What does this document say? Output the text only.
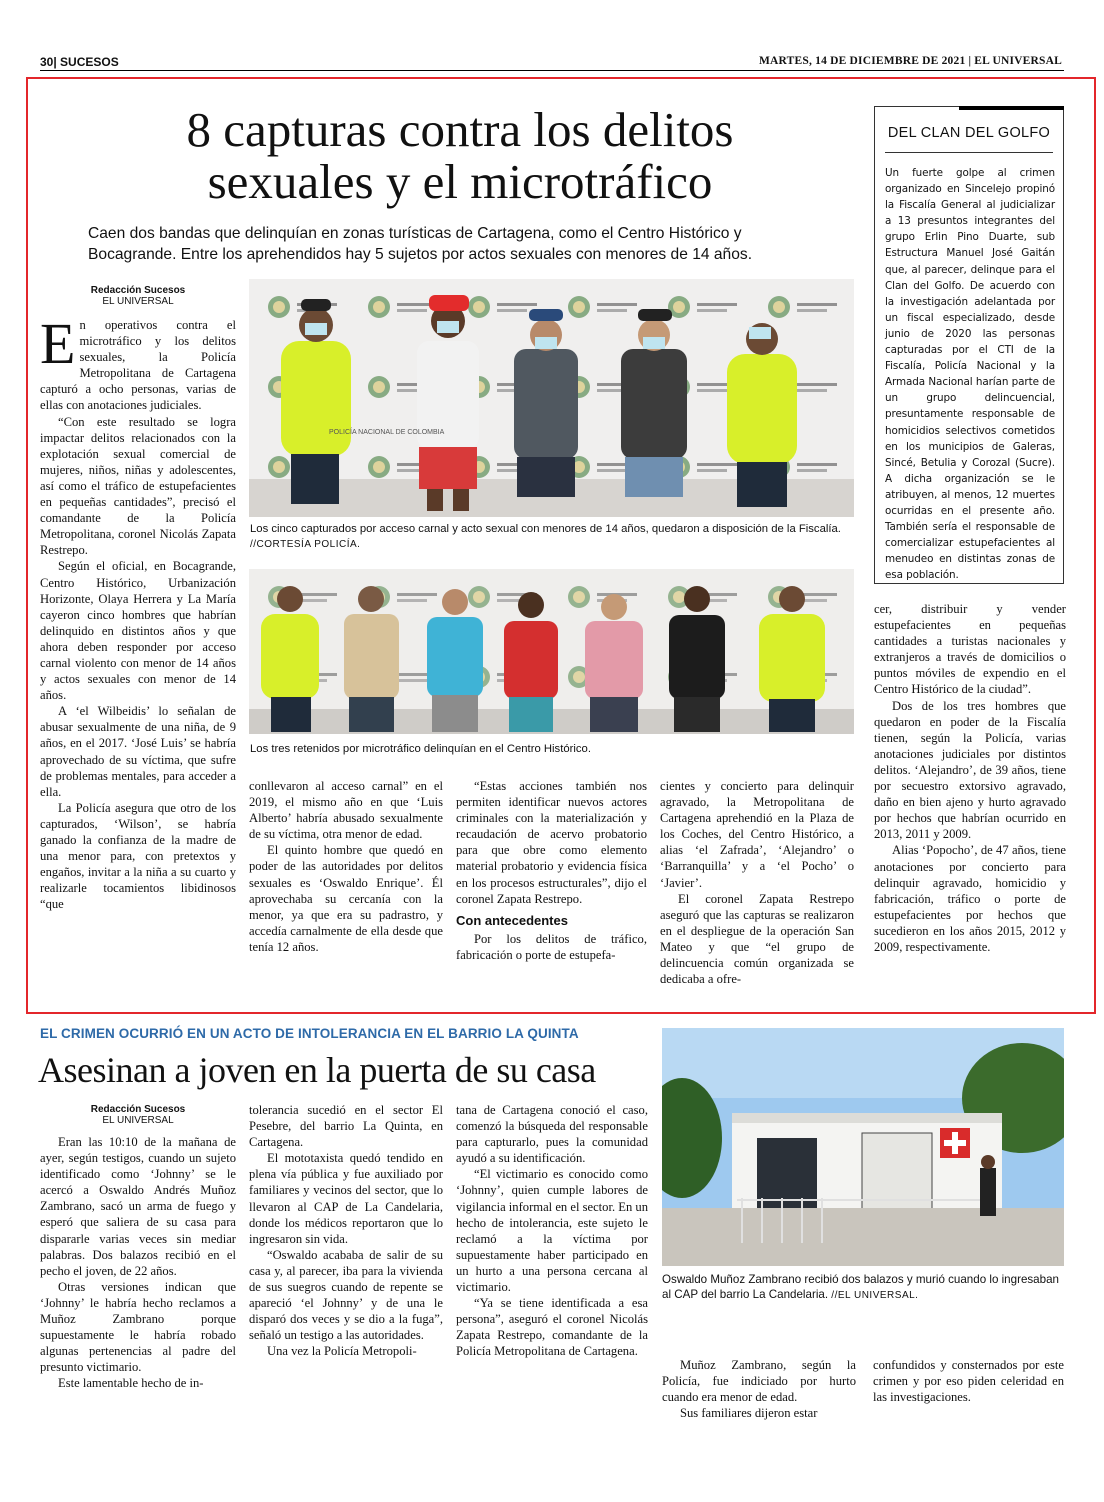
30| SUCESOS	MARTES, 14 DE DICIEMBRE DE 2021 | EL UNIVERSAL
8 capturas contra los delitos
sexuales y el microtráfico
Caen dos bandas que delinquían en zonas turísticas de Cartagena, como el Centro Histórico y Bocagrande. Entre los aprehendidos hay 5 sujetos por actos sexuales con menores de 14 años.
DEL CLAN DEL GOLFO
Un fuerte golpe al crimen organizado en Sincelejo propinó la Fiscalía General al judicializar a 13 presuntos integrantes del grupo Erlin Pino Duarte, sub Estructura Manuel José Gaitán que, al parecer, delinque para el Clan del Golfo. De acuerdo con la investigación adelantada por un fiscal especializado, desde junio de 2020 las personas capturadas por el CTI de la Fiscalía, Policía Nacional y la Armada Nacional harían parte de un grupo delincuencial, presuntamente responsable de homicidios selectivos cometidos en los municipios de Galeras, Sincé, Betulia y Corozal (Sucre). A dicha organización se le atribuyen, al menos, 12 muertes ocurridas en el presente año. También sería el responsable de comercializar estupefacientes al menudeo en distintas zonas de esa población.
Redacción Sucesos
EL UNIVERSAL

En operativos contra el microtráfico y los delitos sexuales, la Policía Metropolitana de Cartagena capturó a ocho personas, varias de ellas con anotaciones judiciales.

“Con este resultado se logra impactar delitos relacionados con la explotación sexual comercial de mujeres, niños, niñas y adolescentes, así como el tráfico de estupefacientes en pequeñas cantidades”, precisó el comandante de la Policía Metropolitana, coronel Nicolás Zapata Restrepo.

Según el oficial, en Bocagrande, Centro Histórico, Urbanización Horizonte, Olaya Herrera y La María cayeron cinco hombres que habrían delinquido en distintos años y que ahora deben responder por acceso carnal violento con menor de 14 años y actos sexuales con menor de 14 años.

A ‘el Wilbeidis’ lo señalan de abusar sexualmente de una niña, de 9 años, en el 2017. ‘José Luis’ se habría aprovechado de su víctima, que sufre de problemas mentales, para acceder a ella.

La Policía asegura que otro de los capturados, ‘Wilson’, se habría ganado la confianza de la madre de una menor para, con pretextos y engaños, invitar a la niña a su cuarto y realizarle tocamientos libidinosos “que

POLICÍA NACIONAL DE COLOMBIA
Los cinco capturados por acceso carnal y acto sexual con menores de 14 años, quedaron a disposición de la Fiscalía. //CORTESÍA POLICÍA.
Los tres retenidos por microtráfico delinquían en el Centro Histórico.

conllevaron al acceso carnal” en el 2019, el mismo año en que ‘Luis Alberto’ habría abusado sexualmente de su víctima, otra menor de edad.

El quinto hombre que quedó en poder de las autoridades por delitos sexuales es ‘Oswaldo Enrique’. Él aprovechaba su cercanía con la menor, ya que era su padrastro, y accedía carnalmente de ella desde que tenía 12 años.

“Estas acciones también nos permiten identificar nuevos actores criminales con la materialización y recaudación de acervo probatorio para que obre como elemento material probatorio y evidencia física en los procesos estructurales”, dijo el coronel Zapata Restrepo.

Con antecedentes

Por los delitos de tráfico, fabricación o porte de estupefa-

cientes y concierto para delinquir agravado, la Metropolitana de Cartagena aprehendió en la Plaza de los Coches, del Centro Histórico, a alias ‘el Zafrada’, ‘Alejandro’ o ‘Barranquilla’ y a ‘el Pocho’ o ‘Javier’.

El coronel Zapata Restrepo aseguró que las capturas se realizaron en el despliegue de la operación San Mateo y que “el grupo de delincuencia común organizada se dedicaba a ofre-

cer, distribuir y vender estupefacientes en pequeñas cantidades a turistas nacionales y extranjeros a través de domicilios o puntos móviles de expendio en el Centro Histórico de la ciudad”.

Dos de los tres hombres que quedaron en poder de la Fiscalía tienen, según la Policía, varias anotaciones judiciales por distintos delitos. ‘Alejandro’, de 39 años, tiene por secuestro extorsivo agravado, daño en bien ajeno y hurto agravado por hechos que habrían ocurrido en 2013, 2011 y 2009.

Alias ‘Popocho’, de 47 años, tiene anotaciones por concierto para delinquir agravado, homicidio y fabricación, tráfico o porte de estupefacientes por hechos que sucedieron en los años 2015, 2012 y 2009, respectivamente.

EL CRIMEN OCURRIÓ EN UN ACTO DE INTOLERANCIA EN EL BARRIO LA QUINTA
Asesinan a joven en la puerta de su casa
Redacción Sucesos
EL UNIVERSAL

Eran las 10:10 de la mañana de ayer, según testigos, cuando un sujeto identificado como ‘Johnny’ se le acercó a Oswaldo Andrés Muñoz Zambrano, sacó un arma de fuego y esperó que saliera de su casa para dispararle varias veces sin mediar palabras. Dos balazos recibió en el pecho el joven, de 22 años.

Otras versiones indican que ‘Johnny’ le habría hecho reclamos a Muñoz Zambrano porque supuestamente le habría robado algunas pertenencias al padre del presunto victimario.

Este lamentable hecho de in-

tolerancia sucedió en el sector El Pesebre, del barrio La Quinta, en Cartagena.

El mototaxista quedó tendido en plena vía pública y fue auxiliado por familiares y vecinos del sector, que lo llevaron al CAP de La Candelaria, donde los médicos reportaron que lo ingresaron sin vida.

“Oswaldo acababa de salir de su casa y, al parecer, iba para la vivienda de sus suegros cuando de repente se apareció ‘el Johnny’ y de una le disparó dos veces y se dio a la fuga”, señaló un testigo a las autoridades.

Una vez la Policía Metropoli-

tana de Cartagena conoció el caso, comenzó la búsqueda del responsable para capturarlo, pues la comunidad ayudó a su identificación.

“El victimario es conocido como ‘Johnny’, quien cumple labores de vigilancia informal en el sector. En un hecho de intolerancia, este sujeto le reclamó a la víctima por supuestamente haber participado en un hurto a una persona cercana al victimario.

“Ya se tiene identificada a esa persona”, aseguró el coronel Nicolás Zapata Restrepo, comandante de la Policía Metropolitana de Cartagena.

Oswaldo Muñoz Zambrano recibió dos balazos y murió cuando lo ingresaban al CAP del barrio La Candelaria. //EL UNIVERSAL.

Muñoz Zambrano, según la Policía, fue indiciado por hurto cuando era menor de edad.

Sus familiares dijeron estar

confundidos y consternados por este crimen y por eso piden celeridad en las investigaciones.
